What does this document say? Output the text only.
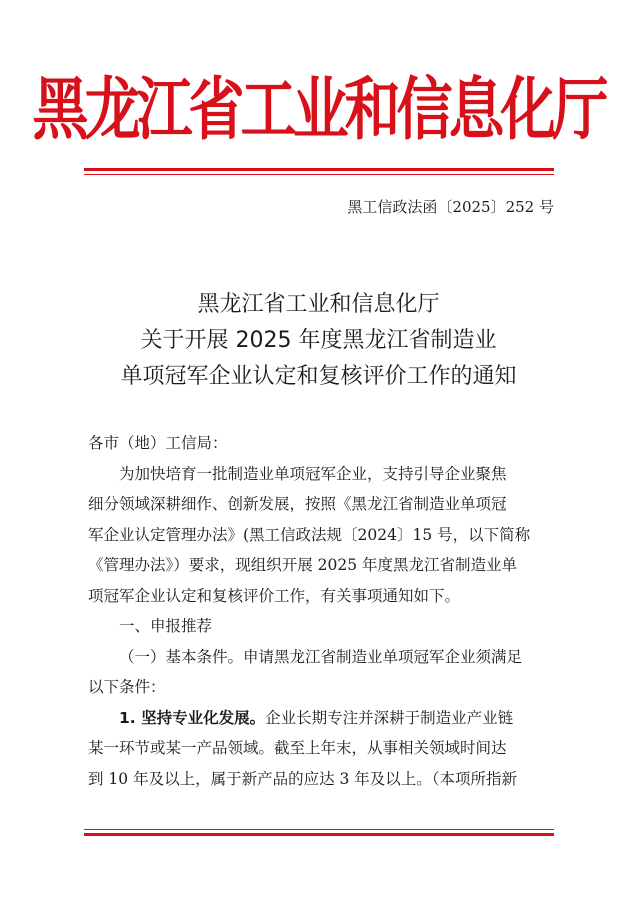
黑龙江省工业和信息化厅
黑工信政法函〔2025〕252 号
黑龙江省工业和信息化厅
关于开展 2025 年度黑龙江省制造业
单项冠军企业认定和复核评价工作的通知
各市（地）工信局：
为加快培育一批制造业单项冠军企业，支持引导企业聚焦
细分领域深耕细作、创新发展，按照《黑龙江省制造业单项冠
军企业认定管理办法》(黑工信政法规〔2024〕15 号，以下简称
《管理办法》）要求，现组织开展 2025 年度黑龙江省制造业单
项冠军企业认定和复核评价工作，有关事项通知如下。
一、申报推荐
（一）基本条件。申请黑龙江省制造业单项冠军企业须满足
以下条件：
1. 坚持专业化发展。企业长期专注并深耕于制造业产业链
某一环节或某一产品领域。截至上年末，从事相关领域时间达
到 10 年及以上，属于新产品的应达 3 年及以上。（本项所指新
